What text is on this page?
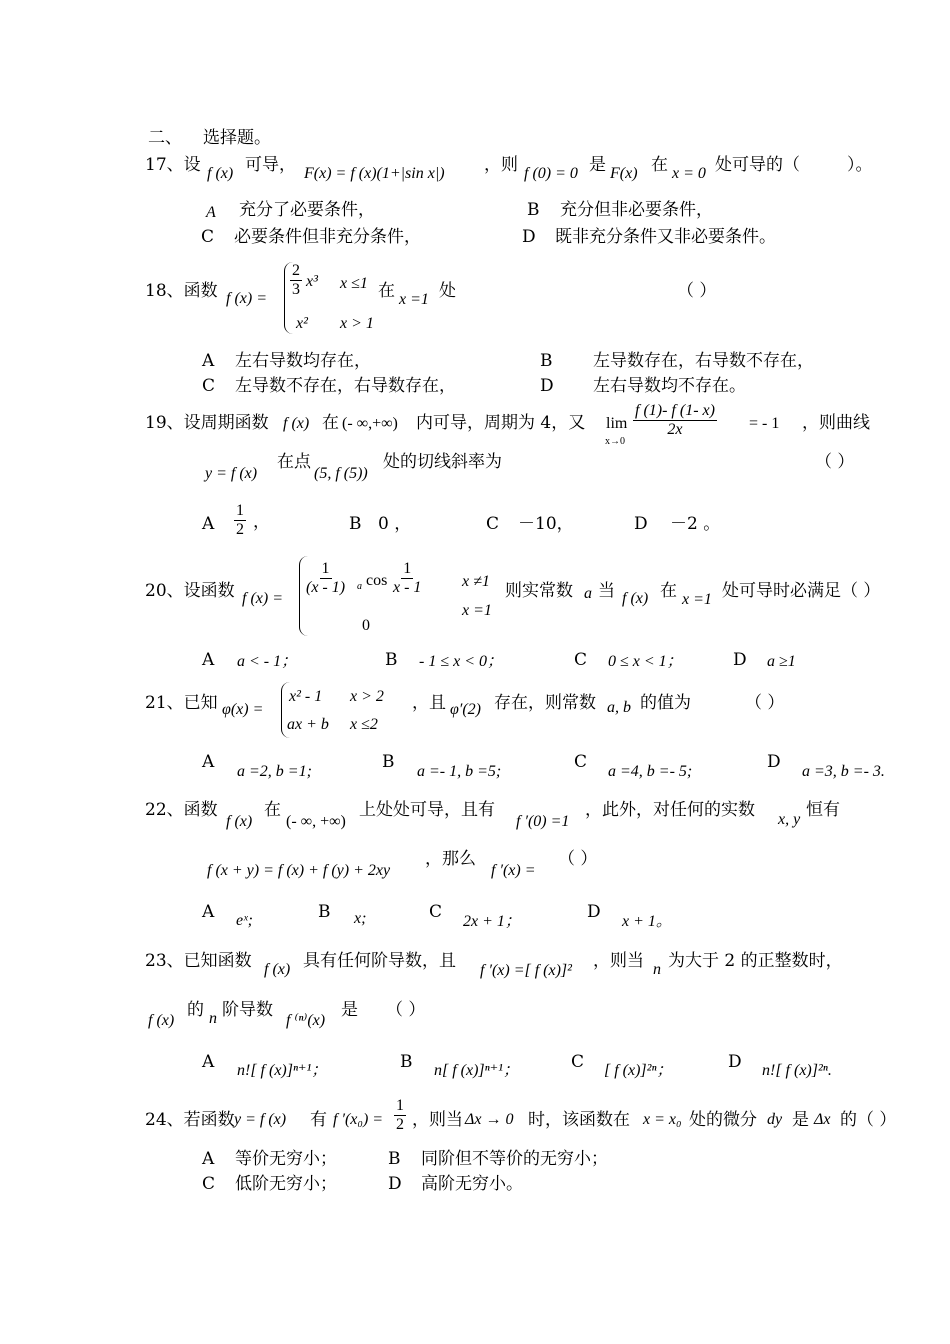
二、 选择题。
17、设 f (x) 可导， F(x) = f (x)(1+|sin x|) ，则 f (0) = 0 是 F(x) 在 x = 0 处可导的（	）。
A 充分了必要条件，	B 充分但非必要条件，
C 必要条件但非充分条件，	D 既非充分条件又非必要条件。
18、函数 f $(x) = \frac{2}{3} x^3$ x ≤1
x² x > 1
在 x =1 处	（ ）
A 左右导数均存在，	B 左导数存在，右导数不存在，
C 左导数不存在，右导数存在，	D 左右导数均不存在。
19、设周期函数 f (x) 在 (- ∞,+∞) 内可导，周期为 4，又 lim
x→0
$\frac{f (1)- f (1- x)}{2x}$ = - 1 ，则曲线
y = f (x)
在点
(5, f (5))
处的切线斜率为	（ ）
A $\frac{1}{2}$ ，	B 0 ，	C －10，	D －2 。
20、设函数 f (x) =
$\frac{1}{(x - 1)}$ a $\cos \frac{1}{x - 1}$	x ≠1
0
x =1
则实常数 a 当 f (x) 在 x =1 处可导时必满足（ ）
A a < - 1；	B - 1 ≤ x < 0；	C 0 ≤ x < 1；	D a ≥1
21、已知 φ(x) =
x² - 1 x > 2
ax + b x ≤2
，且 φ′(2) 存在，则常数 a, b 的值为	（ ）
A a =2, b =1;	B a =- 1, b =5;	C a =4, b =- 5;	D a =3, b =- 3.
22、函数
f (x)
在
(- ∞, +∞)
上处处可导，且有
f ′(0) =1
，此外，对任何的实数 x, y 恒有
f (x + y) = f (x) + f (y) + 2xy
，那么
f ′(x) =
（ ）
A eˣ;	B x;	C 2x + 1；	D x + 1。
23、已知函数 f (x) 具有任何阶导数，且 f ′(x) =[ f (x)]² ，则当 n 为大于 2 的正整数时，
f (x)
的 n 阶导数
f ⁽ⁿ⁾(x)
是 （ ）
A n![ f (x)]ⁿ⁺¹；	B n[ f (x)]ⁿ⁺¹；	C [ f (x)]²ⁿ；	D n![ f (x)]²ⁿ.
24、若函数 y = f (x) 有 f $'(x_0) = \frac{1}{2}$ ，则当 Δx → 0 时，该函数在 x = x₀ 处的微分 dy 是 Δx 的（ ）
A 等价无穷小；	B 同阶但不等价的无穷小；
C 低阶无穷小；	D 高阶无穷小。
